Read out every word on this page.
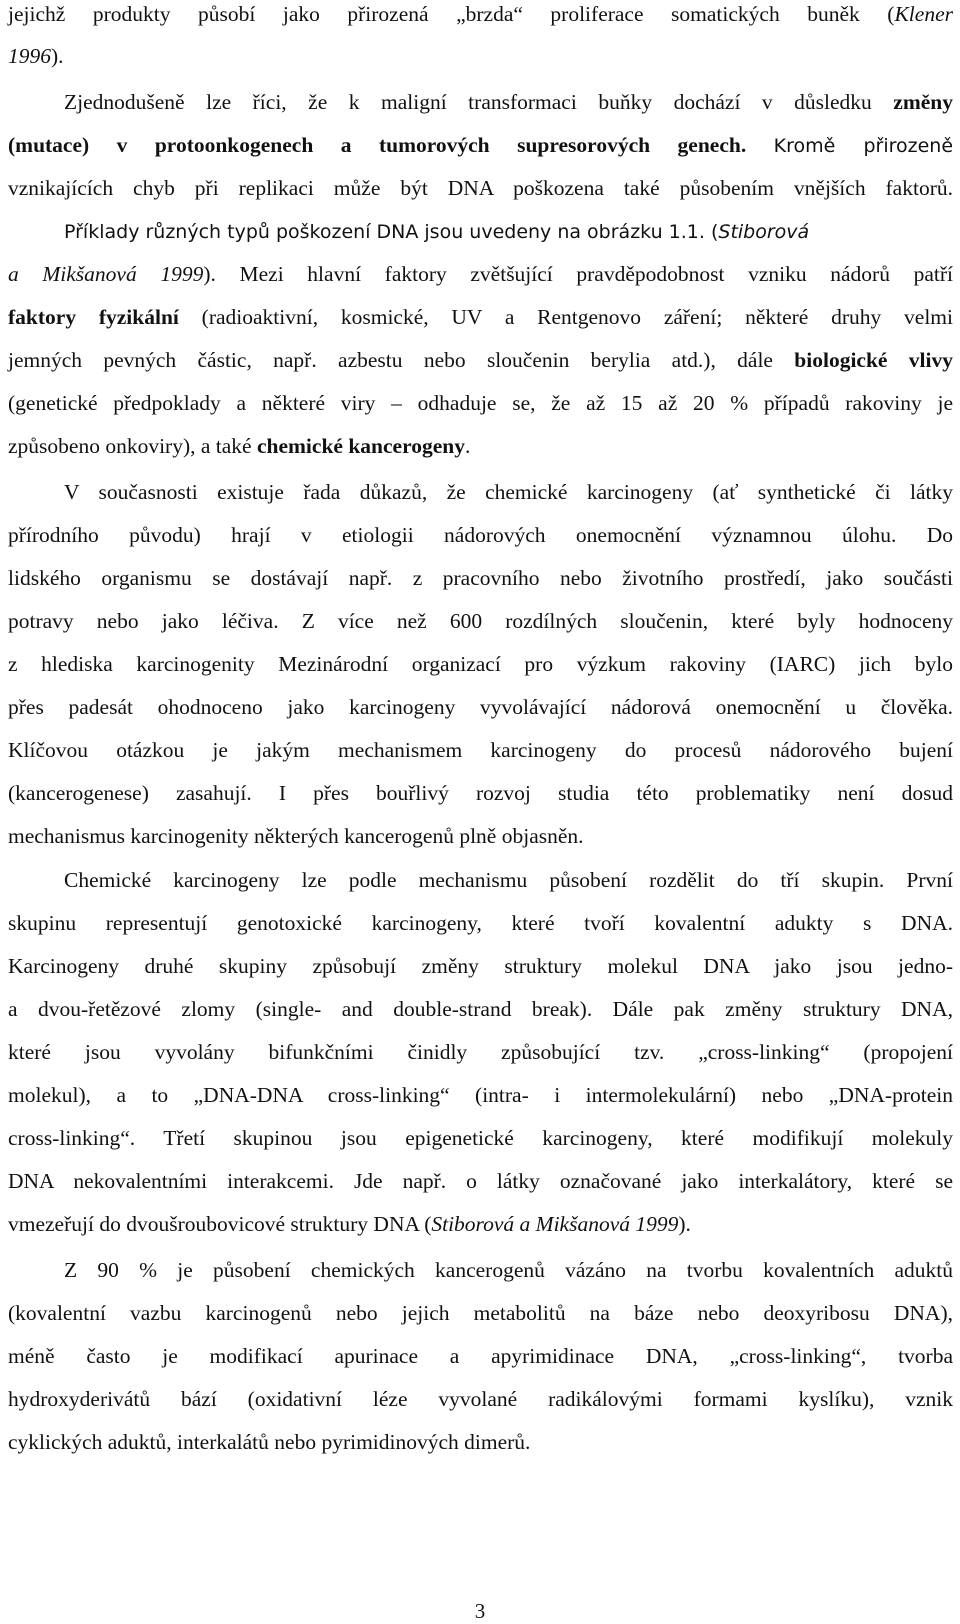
jejichž produkty působí jako přirozená „brzda“ proliferace somatických buněk (Klener
1996).
Zjednodušeně lze říci, že k maligní transformaci buňky dochází v důsledku změny
(mutace) v protoonkogenech a tumorových supresorových genech. Kromě přirozeně
vznikajících chyb při replikaci může být DNA poškozena také působením vnějších faktorů.
Příklady různých typů poškození DNA jsou uvedeny na obrázku 1.1. (Stiborová
a Mikšanová 1999). Mezi hlavní faktory zvětšující pravděpodobnost vzniku nádorů patří
faktory fyzikální (radioaktivní, kosmické, UV a Rentgenovo záření; některé druhy velmi
jemných pevných částic, např. azbestu nebo sloučenin berylia atd.), dále biologické vlivy
(genetické předpoklady a některé viry – odhaduje se, že až 15 až 20 % případů rakoviny je
způsobeno onkoviry), a také chemické kancerogeny.
V současnosti existuje řada důkazů, že chemické karcinogeny (ať synthetické či látky
přírodního původu) hrají v etiologii nádorových onemocnění významnou úlohu. Do
lidského organismu se dostávají např. z pracovního nebo životního prostředí, jako součásti
potravy nebo jako léčiva. Z více než 600 rozdílných sloučenin, které byly hodnoceny
z hlediska karcinogenity Mezinárodní organizací pro výzkum rakoviny (IARC) jich bylo
přes padesát ohodnoceno jako karcinogeny vyvolávající nádorová onemocnění u člověka.
Klíčovou otázkou je jakým mechanismem karcinogeny do procesů nádorového bujení
(kancerogenese) zasahují. I přes bouřlivý rozvoj studia této problematiky není dosud
mechanismus karcinogenity některých kancerogenů plně objasněn.
Chemické karcinogeny lze podle mechanismu působení rozdělit do tří skupin. První
skupinu representují genotoxické karcinogeny, které tvoří kovalentní adukty s DNA.
Karcinogeny druhé skupiny způsobují změny struktury molekul DNA jako jsou jedno-
a dvou-řetězové zlomy (single- and double-strand break). Dále pak změny struktury DNA,
které jsou vyvolány bifunkčními činidly způsobující tzv. „cross-linking“ (propojení
molekul), a to „DNA-DNA cross-linking“ (intra- i intermolekulární) nebo „DNA-protein
cross-linking“. Třetí skupinou jsou epigenetické karcinogeny, které modifikují molekuly
DNA nekovalentními interakcemi. Jde např. o látky označované jako interkalátory, které se
vmezeřují do dvoušroubovicové struktury DNA (Stiborová a Mikšanová 1999).
Z 90 % je působení chemických kancerogenů vázáno na tvorbu kovalentních aduktů
(kovalentní vazbu karcinogenů nebo jejich metabolitů na báze nebo deoxyribosu DNA),
méně často je modifikací apurinace a apyrimidinace DNA, „cross-linking“, tvorba
hydroxyderivátů bází (oxidativní léze vyvolané radikálovými formami kyslíku), vznik
cyklických aduktů, interkalátů nebo pyrimidinových dimerů.
3
